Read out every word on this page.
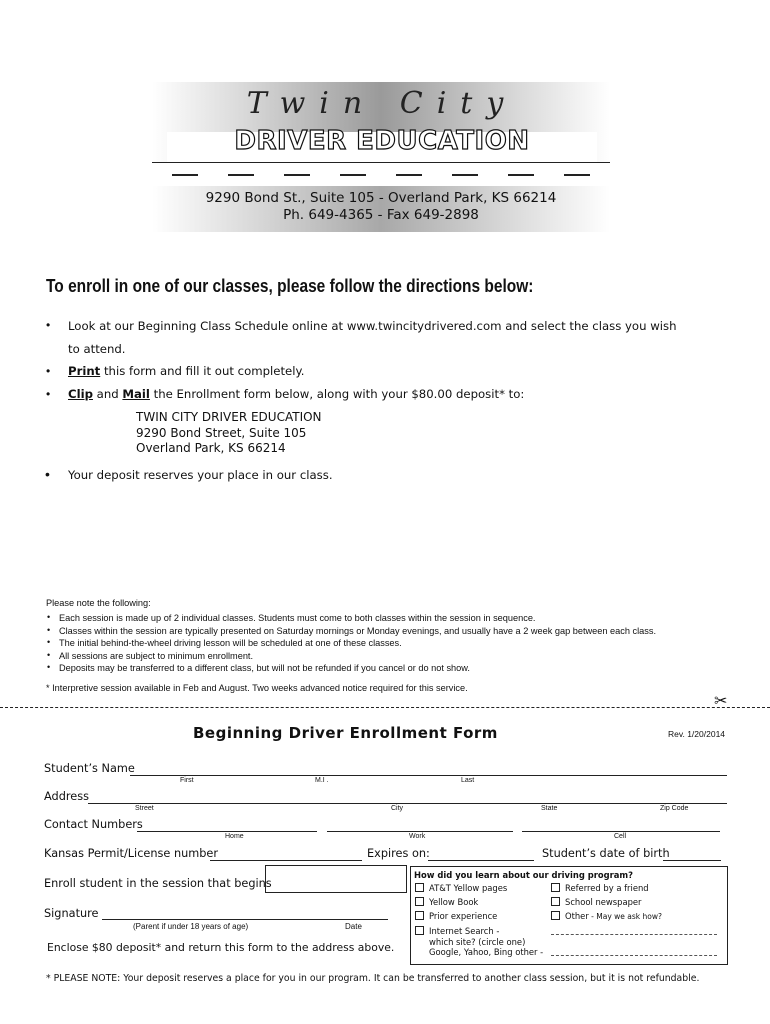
Twin City
DRIVER EDUCATION
9290 Bond St., Suite 105 - Overland Park, KS 66214
Ph. 649-4365 - Fax 649-2898
To enroll in one of our classes, please follow the directions below:
• Look at our Beginning Class Schedule online at www.twincitydrivered.com and select the class you wish
to attend.
• Print this form and fill it out completely.
• Clip and Mail the Enrollment form below, along with your $80.00 deposit* to:
TWIN CITY DRIVER EDUCATION
9290 Bond Street, Suite 105
Overland Park, KS 66214
• Your deposit reserves your place in our class.
Please note the following:
• Each session is made up of 2 individual classes. Students must come to both classes within the session in sequence.
• Classes within the session are typically presented on Saturday mornings or Monday evenings, and usually have a 2 week gap between each class.
• The initial behind-the-wheel driving lesson will be scheduled at one of these classes.
• All sessions are subject to minimum enrollment.
• Deposits may be transferred to a different class, but will not be refunded if you cancel or do not show.
* Interpretive session available in Feb and August. Two weeks advanced notice required for this service.
✂
Beginning Driver Enrollment Form	Rev. 1/20/2014
Student’s Name
First	M.I .	Last
Address
Street	City	State	Zip Code
Contact Numbers
Home	Work	Cell
Kansas Permit/License number	Expires on:	Student’s date of birth
Enroll student in the session that begins
Signature
(Parent if under 18 years of age)	Date
Enclose $80 deposit* and return this form to the address above.
How did you learn about our driving program?
AT&T Yellow pages
Yellow Book
Prior experience
Internet Search -
which site? (circle one)
Google, Yahoo, Bing other -
Referred by a friend
School newspaper
Other - May we ask how?
* PLEASE NOTE: Your deposit reserves a place for you in our program. It can be transferred to another class session, but it is not refundable.
